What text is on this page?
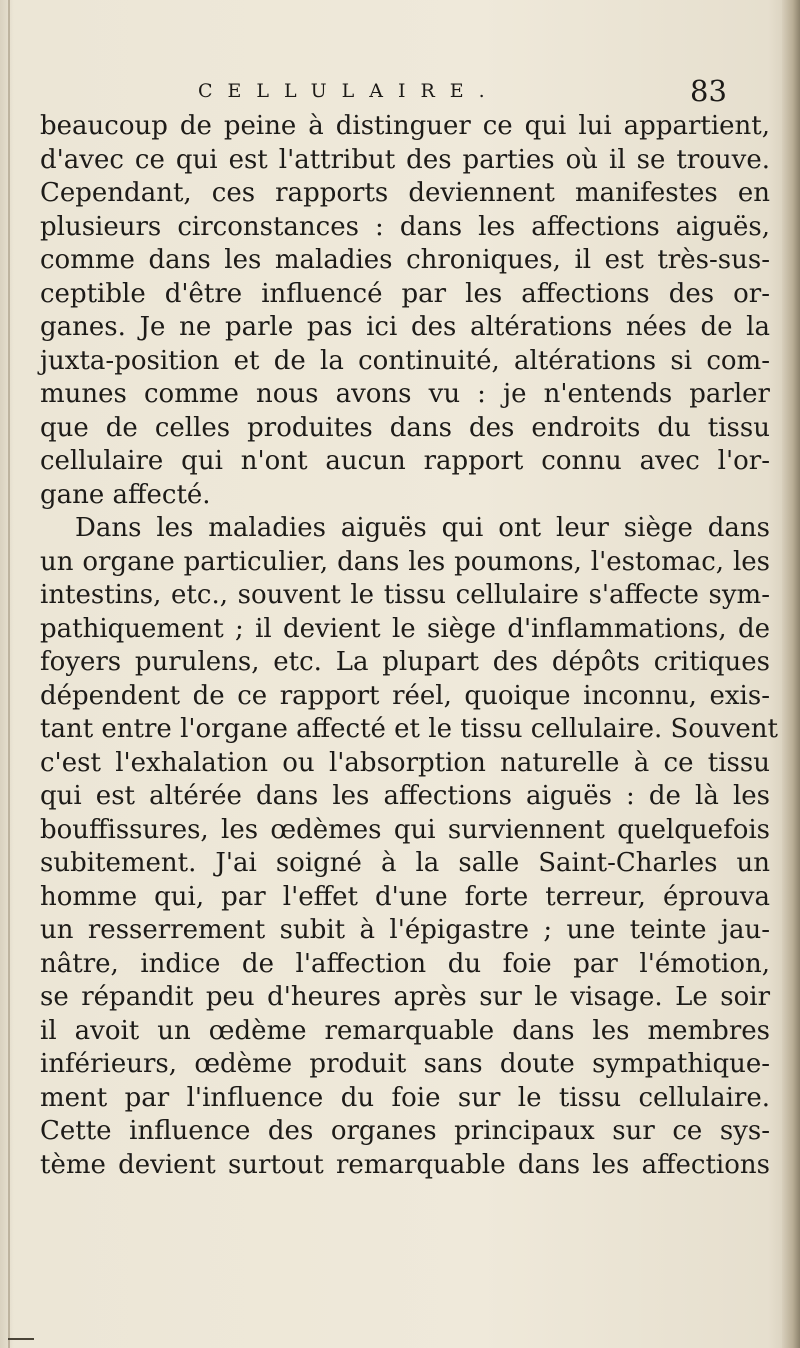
CELLULAIRE.	83
beaucoup de peine à distinguer ce qui lui appartient,
d'avec ce qui est l'attribut des parties où il se trouve.
Cependant, ces rapports deviennent manifestes en
plusieurs circonstances : dans les affections aiguës,
comme dans les maladies chroniques, il est très-sus-
ceptible d'être influencé par les affections des or-
ganes. Je ne parle pas ici des altérations nées de la
juxta-position et de la continuité, altérations si com-
munes comme nous avons vu : je n'entends parler
que de celles produites dans des endroits du tissu
cellulaire qui n'ont aucun rapport connu avec l'or-
gane affecté.
Dans les maladies aiguës qui ont leur siège dans
un organe particulier, dans les poumons, l'estomac, les
intestins, etc., souvent le tissu cellulaire s'affecte sym-
pathiquement ; il devient le siège d'inflammations, de
foyers purulens, etc. La plupart des dépôts critiques
dépendent de ce rapport réel, quoique inconnu, exis-
tant entre l'organe affecté et le tissu cellulaire. Souvent
c'est l'exhalation ou l'absorption naturelle à ce tissu
qui est altérée dans les affections aiguës : de là les
bouffissures, les œdèmes qui surviennent quelquefois
subitement. J'ai soigné à la salle Saint-Charles un
homme qui, par l'effet d'une forte terreur, éprouva
un resserrement subit à l'épigastre ; une teinte jau-
nâtre, indice de l'affection du foie par l'émotion,
se répandit peu d'heures après sur le visage. Le soir
il avoit un œdème remarquable dans les membres
inférieurs, œdème produit sans doute sympathique-
ment par l'influence du foie sur le tissu cellulaire.
Cette influence des organes principaux sur ce sys-
tème devient surtout remarquable dans les affections
